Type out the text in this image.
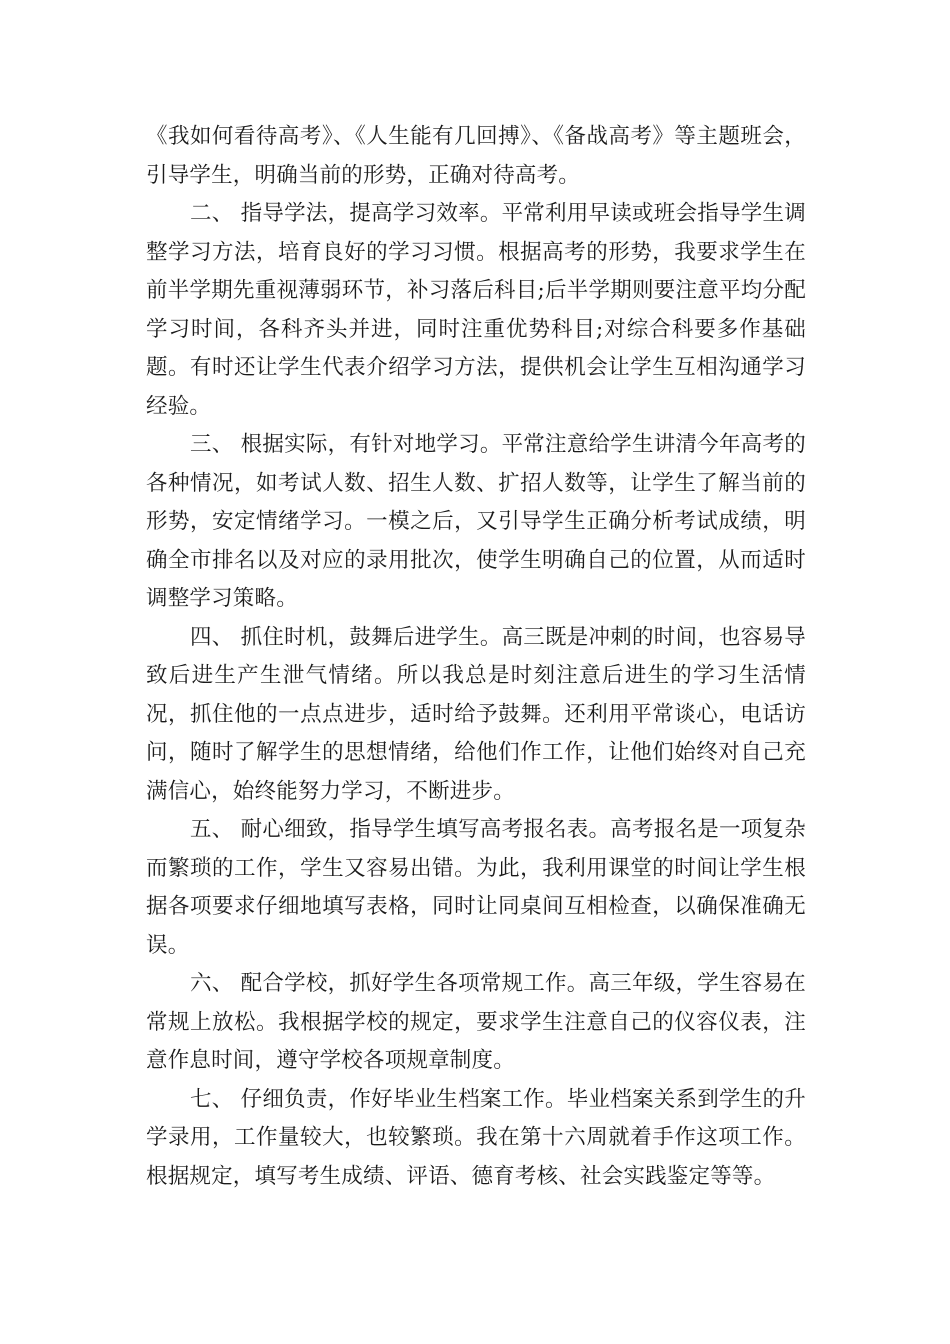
《我如何看待高考》、《人生能有几回搏》、《备战高考》等主题班会，引导学生，明确当前的形势，正确对待高考。

二、 指导学法，提高学习效率。平常利用早读或班会指导学生调整学习方法，培育良好的学习习惯。根据高考的形势，我要求学生在前半学期先重视薄弱环节，补习落后科目;后半学期则要注意平均分配学习时间，各科齐头并进，同时注重优势科目;对综合科要多作基础题。有时还让学生代表介绍学习方法，提供机会让学生互相沟通学习经验。

三、 根据实际，有针对地学习。平常注意给学生讲清今年高考的各种情况，如考试人数、招生人数、扩招人数等，让学生了解当前的形势，安定情绪学习。一模之后，又引导学生正确分析考试成绩，明确全市排名以及对应的录用批次，使学生明确自己的位置，从而适时调整学习策略。

四、 抓住时机，鼓舞后进学生。高三既是冲刺的时间，也容易导致后进生产生泄气情绪。所以我总是时刻注意后进生的学习生活情况，抓住他的一点点进步，适时给予鼓舞。还利用平常谈心，电话访问，随时了解学生的思想情绪，给他们作工作，让他们始终对自己充满信心，始终能努力学习，不断进步。

五、 耐心细致，指导学生填写高考报名表。高考报名是一项复杂而繁琐的工作，学生又容易出错。为此，我利用课堂的时间让学生根据各项要求仔细地填写表格，同时让同桌间互相检查，以确保准确无误。

六、 配合学校，抓好学生各项常规工作。高三年级，学生容易在常规上放松。我根据学校的规定，要求学生注意自己的仪容仪表，注意作息时间，遵守学校各项规章制度。

七、 仔细负责，作好毕业生档案工作。毕业档案关系到学生的升学录用，工作量较大，也较繁琐。我在第十六周就着手作这项工作。根据规定，填写考生成绩、评语、德育考核、社会实践鉴定等等。
